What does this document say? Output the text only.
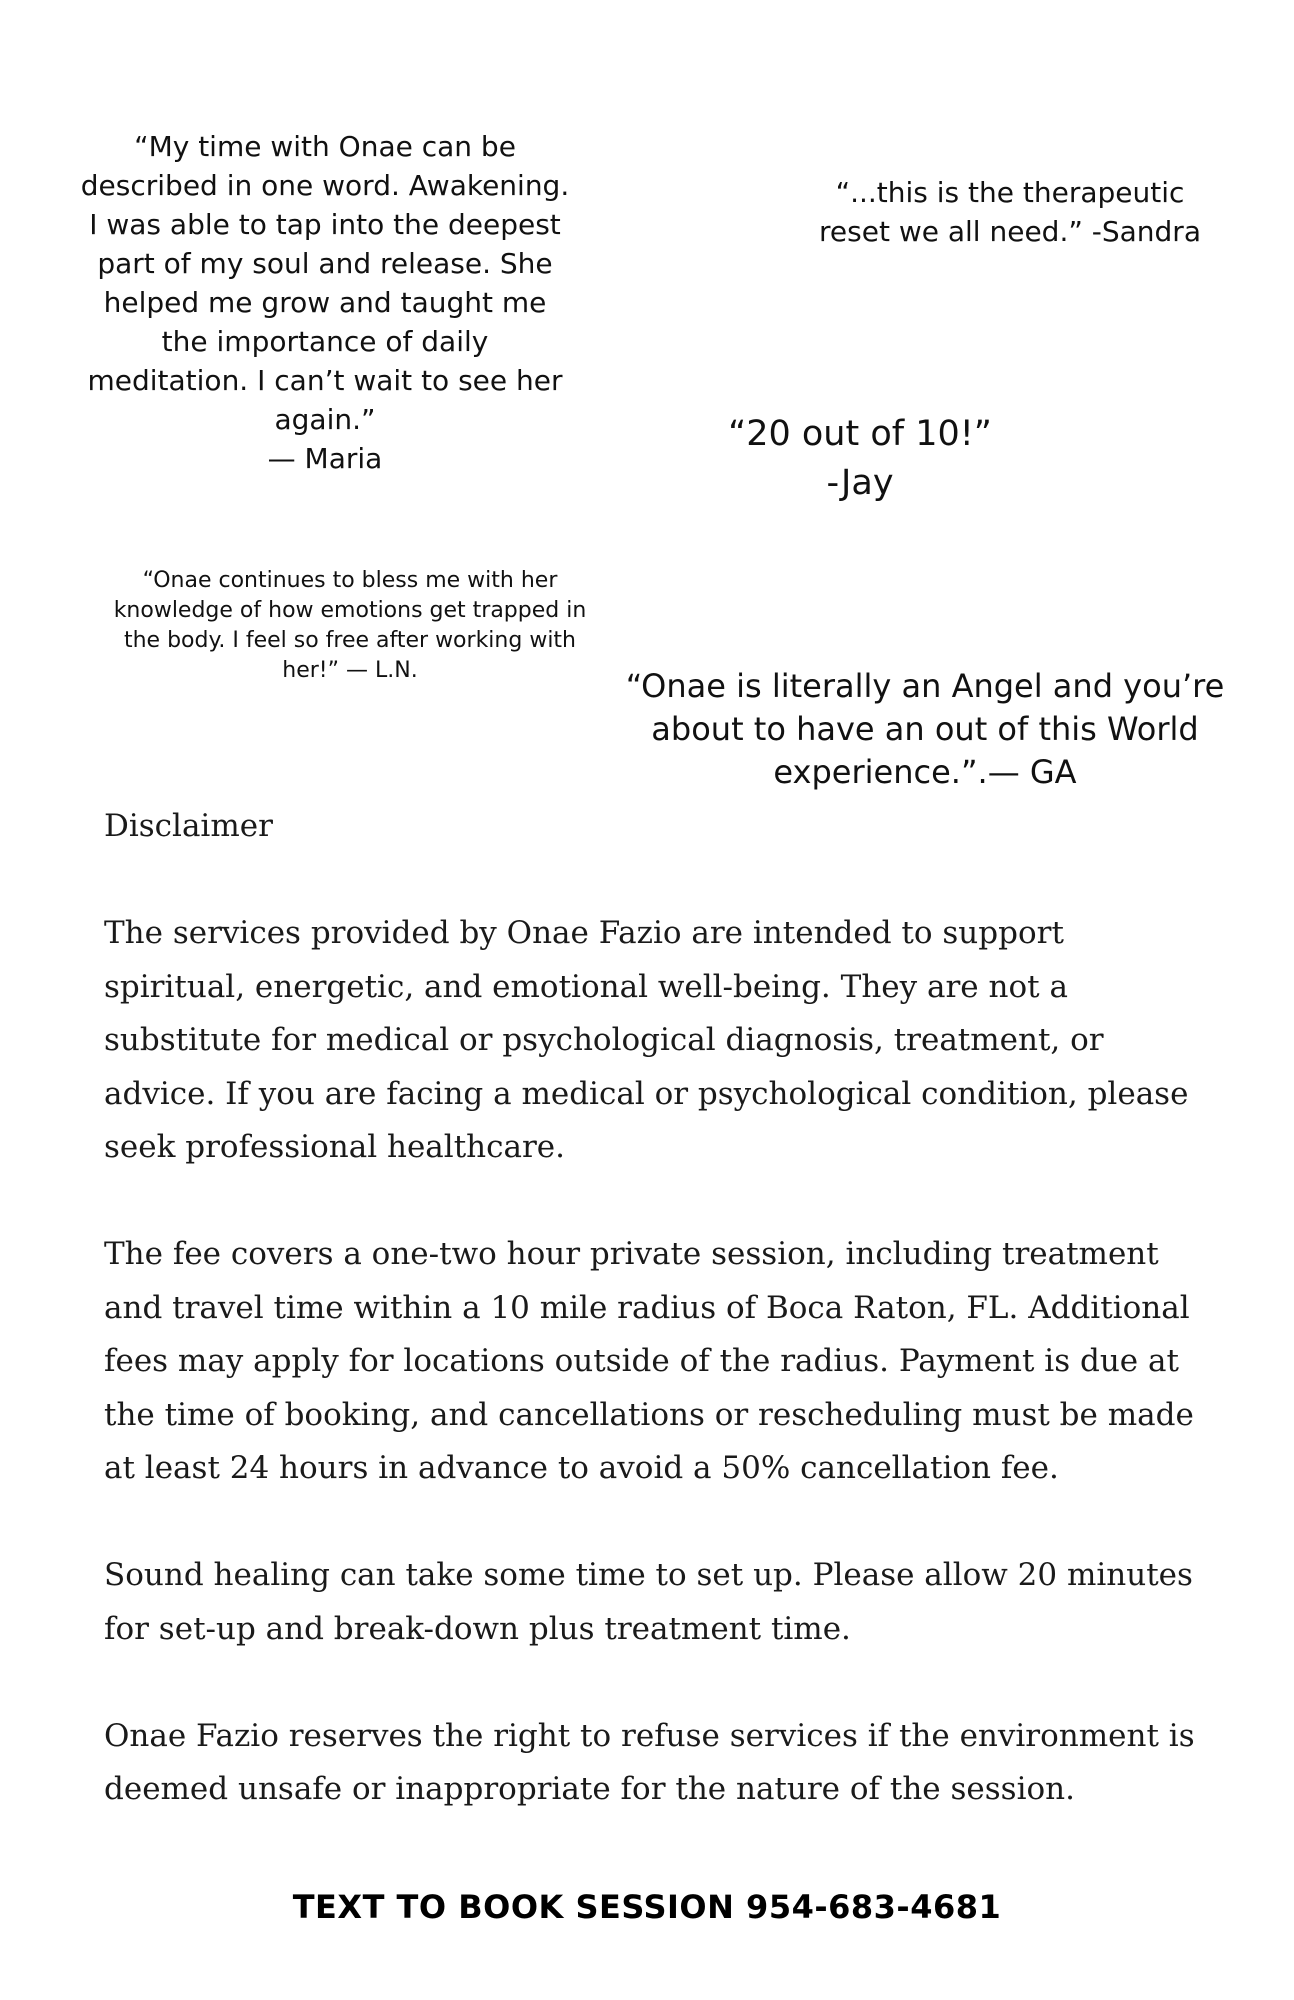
“My time with Onae can be
described in one word. Awakening.
I was able to tap into the deepest
part of my soul and release. She
helped me grow and taught me
the importance of daily
meditation. I can’t wait to see her
again.”
— Maria
“...this is the therapeutic
reset we all need.” -Sandra
“20 out of 10!”
-Jay
“Onae continues to bless me with her
knowledge of how emotions get trapped in
the body. I feel so free after working with
her!” — L.N.	“Onae is literally an Angel and you’re
about to have an out of this World
experience.”.— GA
Disclaimer

The services provided by Onae Fazio are intended to support spiritual, energetic, and emotional well-being. They are not a substitute for medical or psychological diagnosis, treatment, or advice. If you are facing a medical or psychological condition, please seek professional healthcare.

The fee covers a one-two hour private session, including treatment and travel time within a 10 mile radius of Boca Raton, FL. Additional fees may apply for locations outside of the radius. Payment is due at the time of booking, and cancellations or rescheduling must be made at least 24 hours in advance to avoid a 50% cancellation fee.

Sound healing can take some time to set up. Please allow 20 minutes for set-up and break-down plus treatment time.

Onae Fazio reserves the right to refuse services if the environment is deemed unsafe or inappropriate for the nature of the session.

TEXT TO BOOK SESSION 954-683-4681
